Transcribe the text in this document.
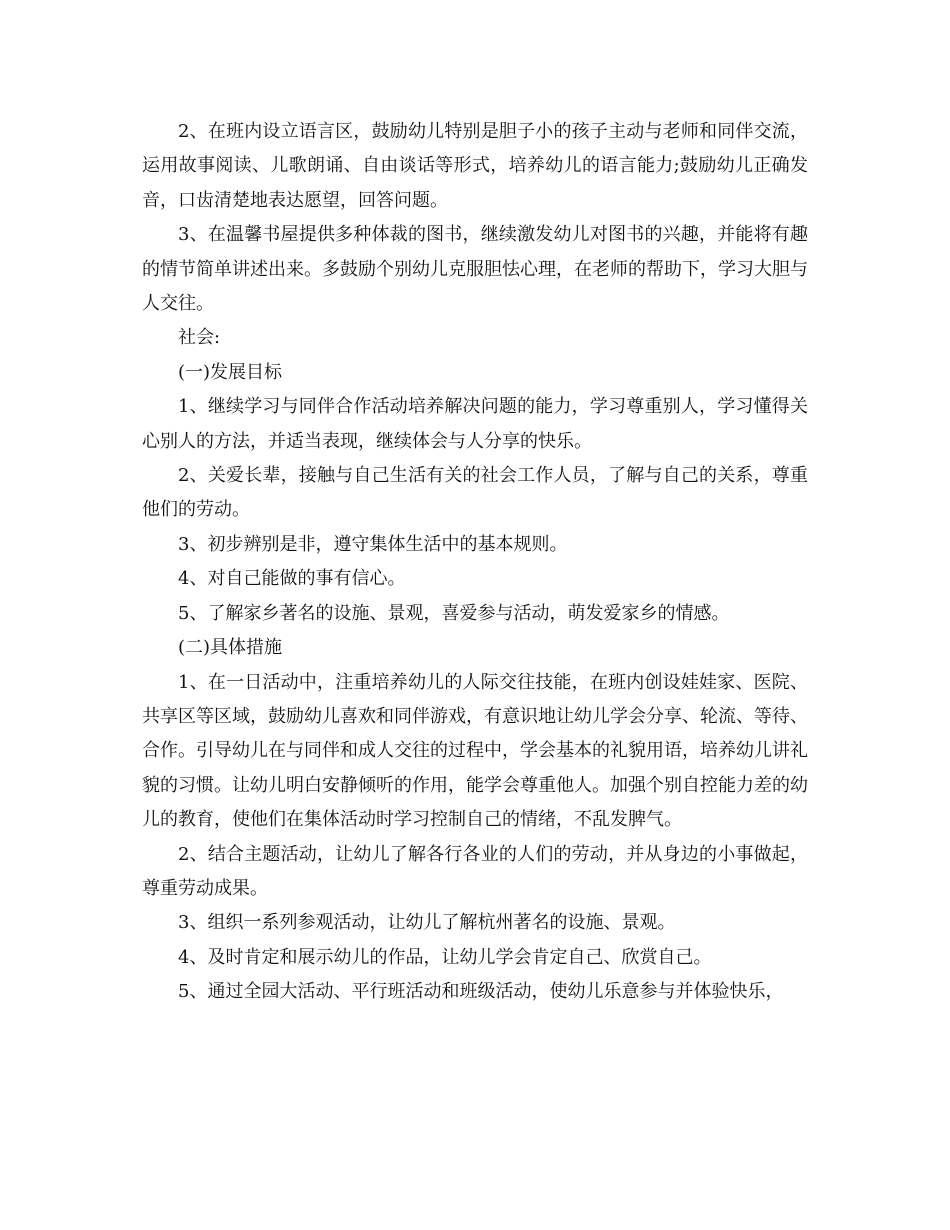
2、在班内设立语言区，鼓励幼儿特别是胆子小的孩子主动与老师和同伴交流，运用故事阅读、儿歌朗诵、自由谈话等形式，培养幼儿的语言能力;鼓励幼儿正确发音，口齿清楚地表达愿望，回答问题。

3、在温馨书屋提供多种体裁的图书，继续激发幼儿对图书的兴趣，并能将有趣的情节简单讲述出来。多鼓励个别幼儿克服胆怯心理，在老师的帮助下，学习大胆与人交往。

社会:

(一)发展目标

1、继续学习与同伴合作活动培养解决问题的能力，学习尊重别人，学习懂得关心别人的方法，并适当表现，继续体会与人分享的快乐。

2、关爱长辈，接触与自己生活有关的社会工作人员，了解与自己的关系，尊重他们的劳动。

3、初步辨别是非，遵守集体生活中的基本规则。

4、对自己能做的事有信心。

5、了解家乡著名的设施、景观，喜爱参与活动，萌发爱家乡的情感。

(二)具体措施

1、在一日活动中，注重培养幼儿的人际交往技能，在班内创设娃娃家、医院、共享区等区域，鼓励幼儿喜欢和同伴游戏，有意识地让幼儿学会分享、轮流、等待、合作。引导幼儿在与同伴和成人交往的过程中，学会基本的礼貌用语，培养幼儿讲礼貌的习惯。让幼儿明白安静倾听的作用，能学会尊重他人。加强个别自控能力差的幼儿的教育，使他们在集体活动时学习控制自己的情绪，不乱发脾气。

2、结合主题活动，让幼儿了解各行各业的人们的劳动，并从身边的小事做起，尊重劳动成果。

3、组织一系列参观活动，让幼儿了解杭州著名的设施、景观。

4、及时肯定和展示幼儿的作品，让幼儿学会肯定自己、欣赏自己。

5、通过全园大活动、平行班活动和班级活动，使幼儿乐意参与并体验快乐，
